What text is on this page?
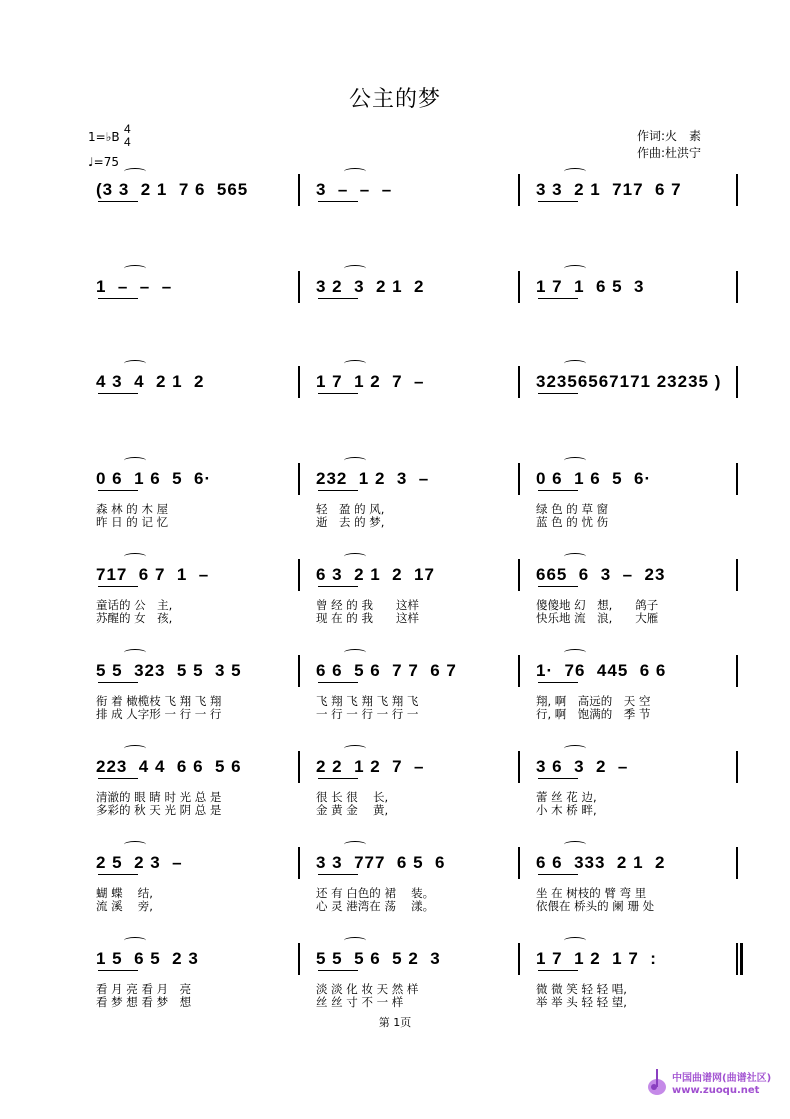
公主的梦
1=♭B
4
4
♩=75
作词:火　素
作曲:杜洪宁
(3 3  2 1  7 6  565	3  –  –  –	3 3  2 1  717  6 7
1  –  –  –	3 2  3  2 1  2	1 7  1  6 5  3
4 3  4  2 1  2	1 7  1 2  7  –	32356567171 23235 )
0 6  1 6  5  6·	232  1 2  3  –	0 6  1 6  5  6·
森 林 的 木 屋	轻　盈 的 风,	绿 色 的 草 窗
昨 日 的 记 忆	逝　去 的 梦,	蓝 色 的 忧 伤
717  6 7  1  –	6 3  2 1  2  17	665  6  3  –  23
童话的 公　主,	曾 经 的 我　　这样	傻傻地 幻　想,　　鸽子
苏醒的 女　孩,	现 在 的 我　　这样	快乐地 流　浪,　　大雁
5 5  323  5 5  3 5	6 6  5 6  7 7  6 7	1·  76  445  6 6
衔 着 橄榄枝 飞 翔 飞 翔	飞 翔 飞 翔 飞 翔 飞	翔, 啊　高远的　天 空
排 成 人字形 一 行 一 行	一 行 一 行 一 行 一	行, 啊　饱满的　季 节
223  4 4  6 6  5 6	2 2  1 2  7  –	3 6  3  2  –
清澈的 眼 睛 时 光 总 是	很 长 很　 长,	蕾 丝 花 边,
多彩的 秋 天 光 阴 总 是	金 黄 金　 黄,	小 木 桥 畔,
2 5  2 3  –	3 3  777  6 5  6	6 6  333  2 1  2
蝴 蝶　 结,	还 有 白色的 裙　 装。	坐 在 树枝的 臂 弯 里
流 溪　 旁,	心 灵 港湾在 荡　 漾。	依偎在 桥头的 阑 珊 处
1 5  6 5  2 3	5 5  5 6  5 2  3	1 7  1 2  1 7  :
看 月 亮 看 月　亮	淡 淡 化 妆 天 然 样	微 微 笑 轻 轻 唱,
看 梦 想 看 梦　想	丝 丝 寸 不 一 样	举 举 头 轻 轻 望,
第 1页
中国曲谱网(曲谱社区)
www.zuoqu.net
